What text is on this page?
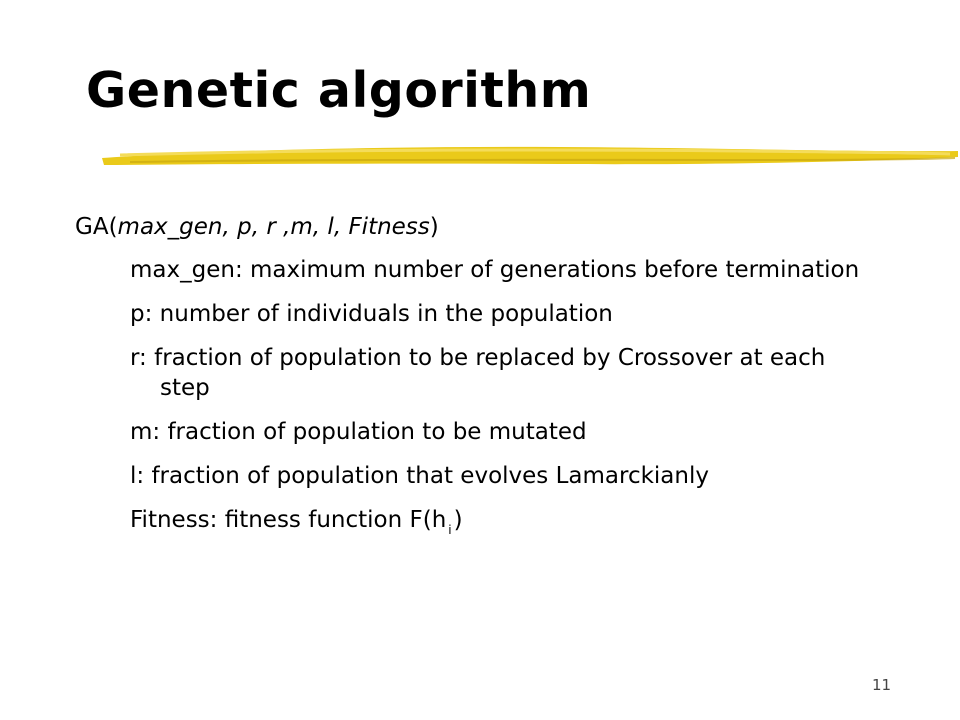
Genetic algorithm

GA(max_gen, p, r ,m, l, Fitness)

max_gen: maximum number of generations before termination
p: number of individuals in the population
r: fraction of population to be replaced by Crossover at each step
m: fraction of population to be mutated
l: fraction of population that evolves Lamarckianly
Fitness: fitness function F(h $_i$)
11
